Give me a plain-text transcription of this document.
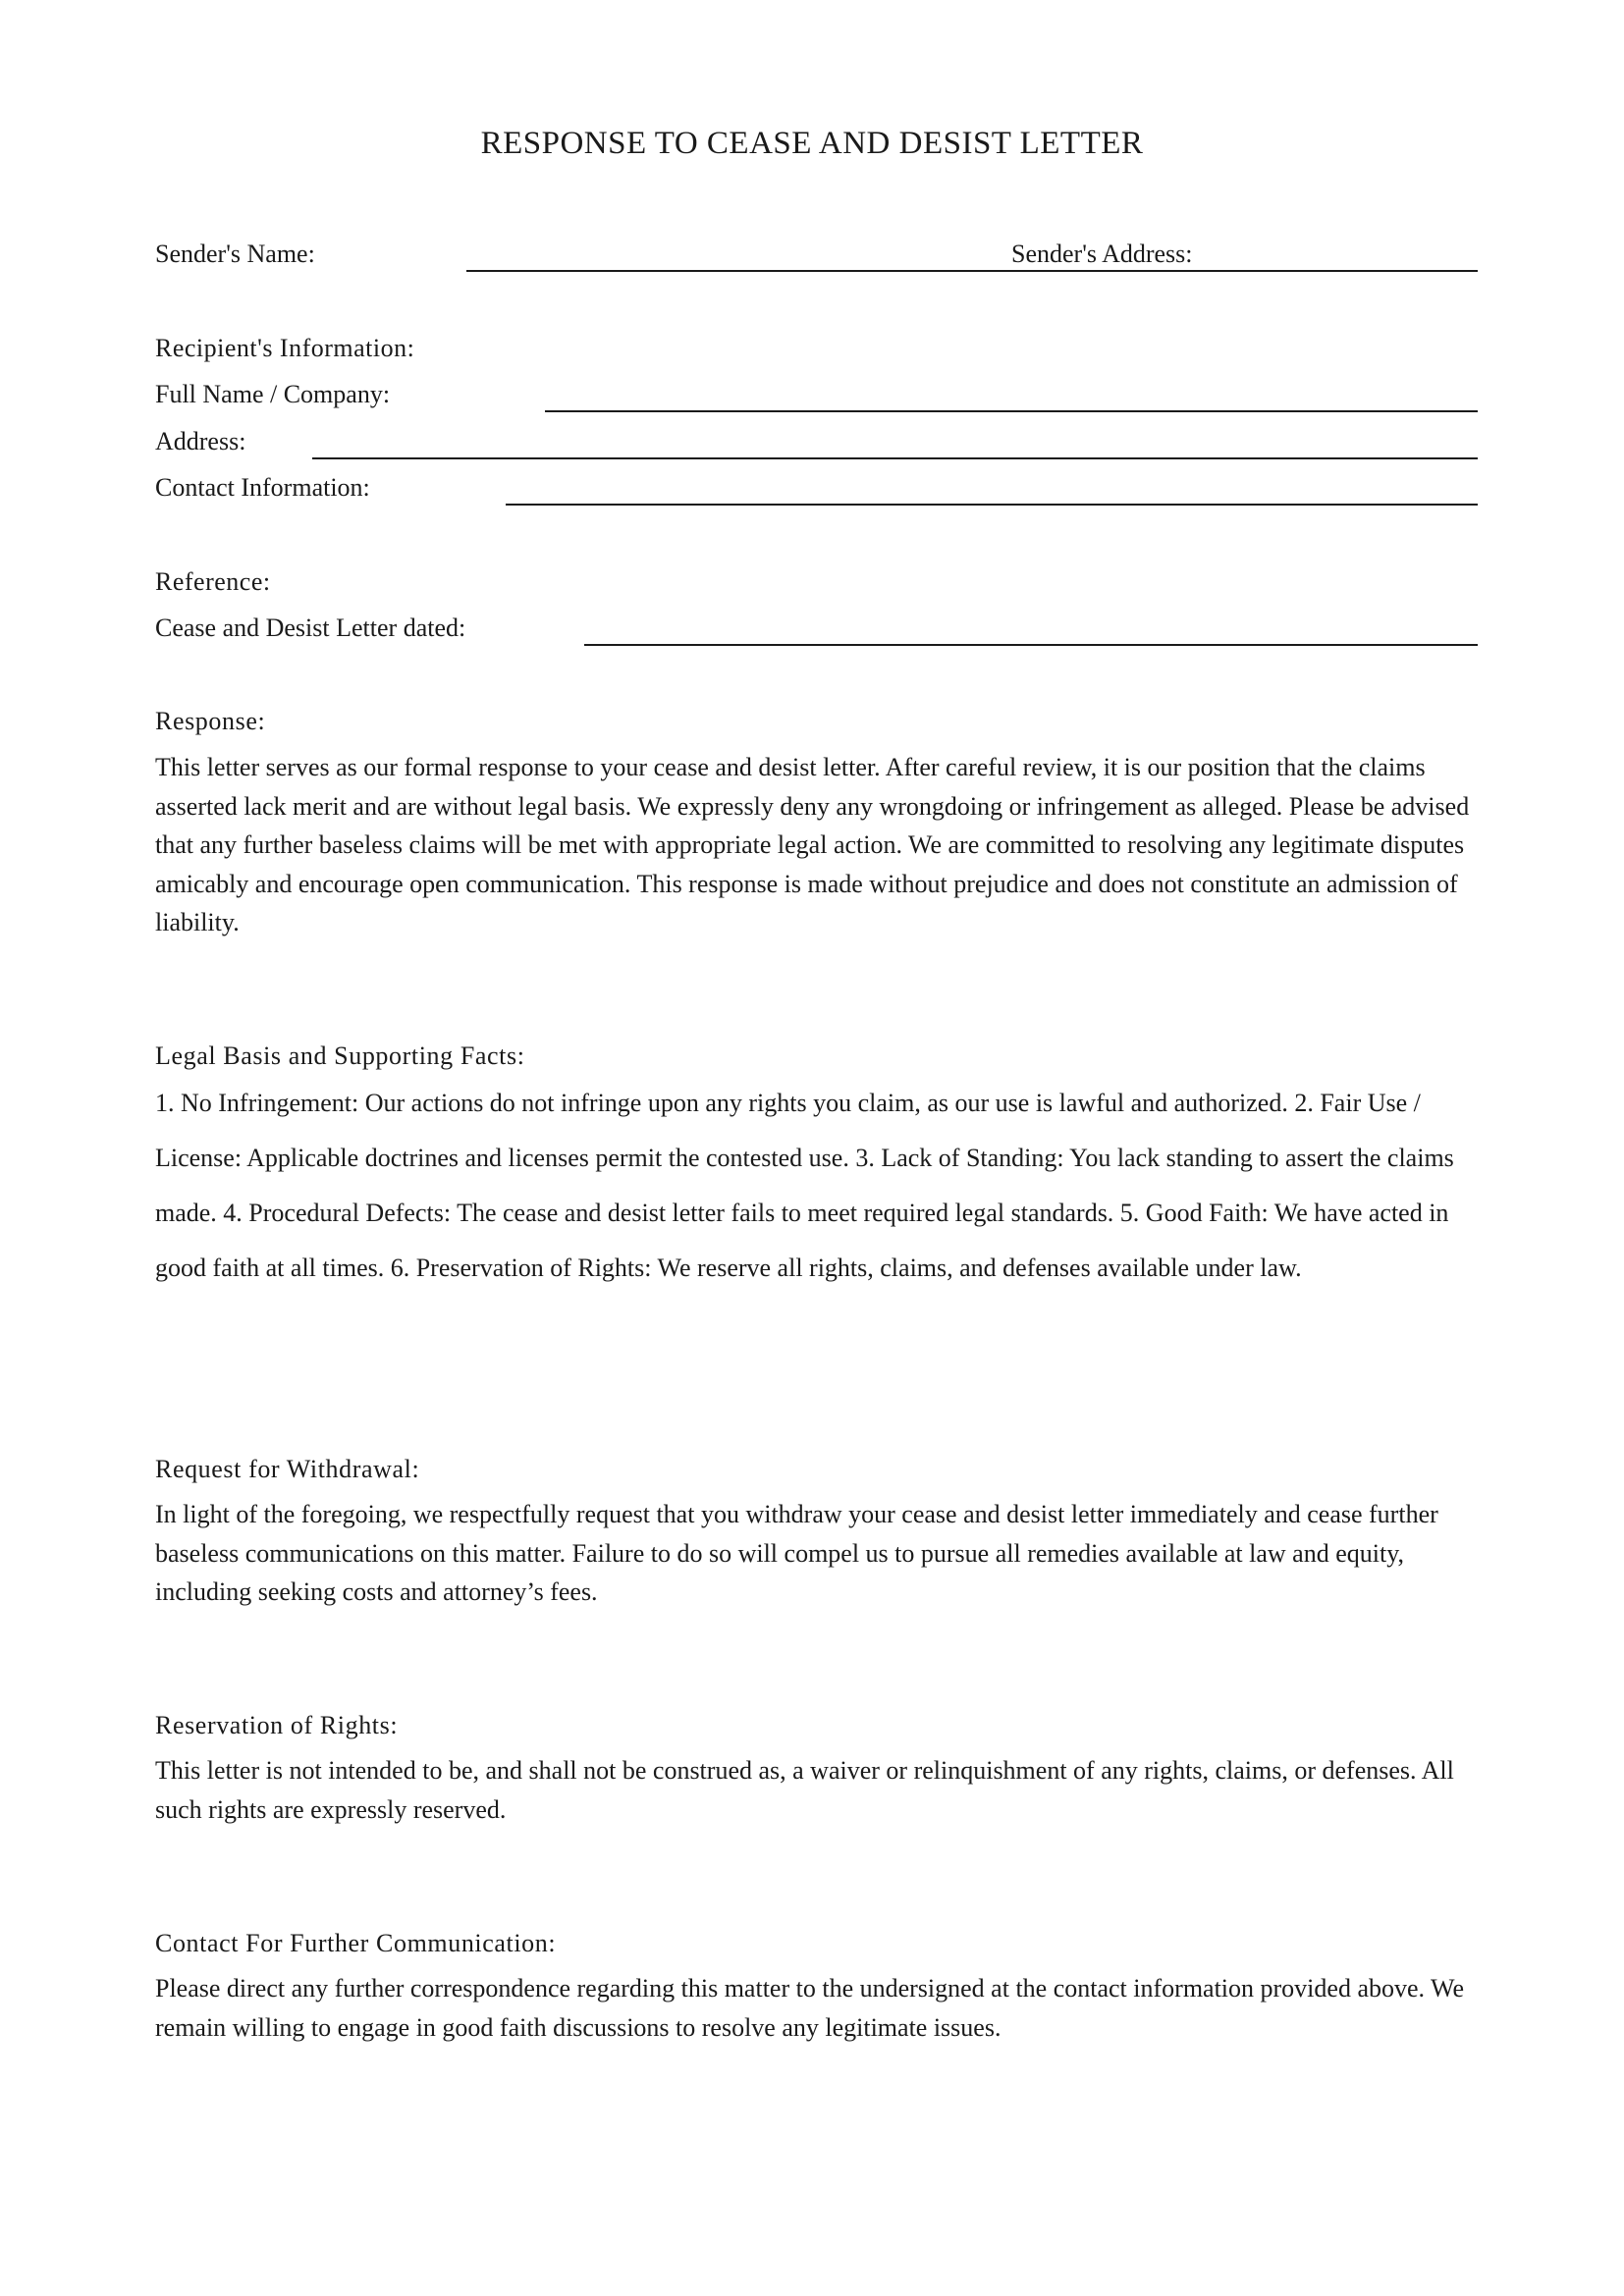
RESPONSE TO CEASE AND DESIST LETTER
Sender's Name:	Sender's Address:
Recipient's Information:
Full Name / Company:
Address:
Contact Information:
Reference:
Cease and Desist Letter dated:
Response:
This letter serves as our formal response to your cease and desist letter. After careful review, it is our position that the claims asserted lack merit and are without legal basis. We expressly deny any wrongdoing or infringement as alleged. Please be advised that any further baseless claims will be met with appropriate legal action. We are committed to resolving any legitimate disputes amicably and encourage open communication. This response is made without prejudice and does not constitute an admission of liability.
Legal Basis and Supporting Facts:
1. No Infringement: Our actions do not infringe upon any rights you claim, as our use is lawful and authorized. 2. Fair Use / License: Applicable doctrines and licenses permit the contested use. 3. Lack of Standing: You lack standing to assert the claims made. 4. Procedural Defects: The cease and desist letter fails to meet required legal standards. 5. Good Faith: We have acted in good faith at all times. 6. Preservation of Rights: We reserve all rights, claims, and defenses available under law.
Request for Withdrawal:
In light of the foregoing, we respectfully request that you withdraw your cease and desist letter immediately and cease further baseless communications on this matter. Failure to do so will compel us to pursue all remedies available at law and equity, including seeking costs and attorney’s fees.
Reservation of Rights:
This letter is not intended to be, and shall not be construed as, a waiver or relinquishment of any rights, claims, or defenses. All such rights are expressly reserved.
Contact For Further Communication:
Please direct any further correspondence regarding this matter to the undersigned at the contact information provided above. We remain willing to engage in good faith discussions to resolve any legitimate issues.
